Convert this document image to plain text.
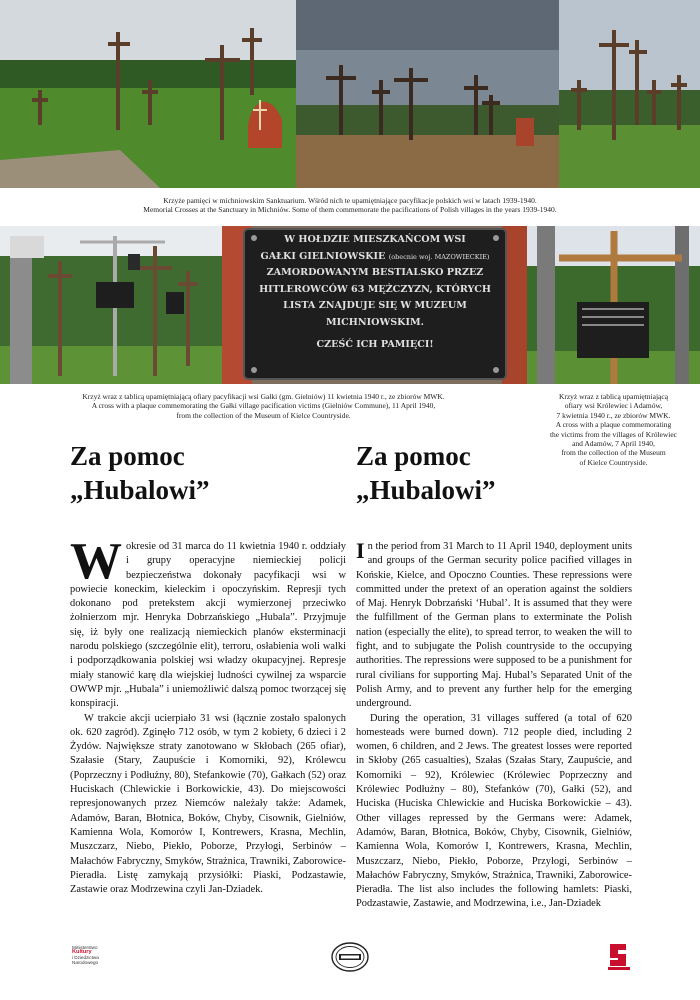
Krzyże pamięci w michniowskim Sanktuarium. Wśród nich te upamiętniające pacyfikacje polskich wsi w latach 1939-1940.
Memorial Crosses at the Sanctuary in Michniów. Some of them commemorate the pacifications of Polish villages in the years 1939-1940.
W HOŁDZIE MIESZKAŃCOM WSI
GAŁKI GIELNIOWSKIE (obecnie woj. MAZOWIECKIE)
ZAMORDOWANYM BESTIALSKO PRZEZ
HITLEROWCÓW 63 MĘŻCZYZN, KTÓRYCH
LISTA ZNAJDUJE SIĘ W MUZEUM
MICHNIOWSKIM.
CZEŚĆ ICH PAMIĘCI!
Krzyż wraz z tablicą upamiętniającą ofiary pacyfikacji wsi Gałki (gm. Gielniów) 11 kwietnia 1940 r., ze zbiorów MWK.
A cross with a plaque commemorating the Gałki village pacification victims (Gielniów Commune), 11 April 1940,
from the collection of the Museum of Kielce Countryside.
Krzyż wraz z tablicą upamiętniającą
ofiary wsi Królewiec i Adamów,
7 kwietnia 1940 r., ze zbiorów MWK.
A cross with a plaque commemorating
the victims from the villages of Królewiec
and Adamów, 7 April 1940,
from the collection of the Museum
of Kielce Countryside.
Za pomoc
„Hubalowi”
Za pomoc
„Hubalowi”

Wokresie od 31 marca do 11 kwietnia 1940 r. oddziały i grupy operacyjne niemieckiej policji bezpieczeństwa dokonały pacyfikacji wsi w powiecie koneckim, kieleckim i opoczyńskim. Represji tych dokonano pod pretekstem akcji wymierzonej przeciwko żołnierzom mjr. Henryka Dobrzańskiego „Hubala”. Przyjmuje się, iż były one realizacją niemieckich planów eksterminacji narodu polskiego (szczególnie elit), terroru, osłabienia woli walki i podporządkowania polskiej wsi władzy okupacyjnej. Represje miały stanowić karę dla wiejskiej ludności cywilnej za wsparcie OWWP mjr. „Hubala” i uniemożliwić dalszą pomoc tworzącej się konspiracji.

W trakcie akcji ucierpiało 31 wsi (łącznie zostało spalonych ok. 620 zagród). Zginęło 712 osób, w tym 2 kobiety, 6 dzieci i 2 Żydów. Największe straty zanotowano w Skłobach (265 ofiar), Szałasie (Stary, Zaupuście i Komorniki, 92), Królewcu (Poprzeczny i Podłużny, 80), Stefankowie (70), Gałkach (52) oraz Huciskach (Chlewickie i Borkowickie, 43). Do miejscowości represjonowanych przez Niemców należały także: Adamek, Adamów, Baran, Błotnica, Boków, Chyby, Cisownik, Gielniów, Kamienna Wola, Komorów I, Kontrewers, Krasna, Mechlin, Muszczarz, Niebo, Piekło, Poborze, Przyłogi, Serbinów – Małachów Fabryczny, Smyków, Strażnica, Trawniki, Zaborowice-Pieradła. Listę zamykają przysiółki: Piaski, Podzastawie, Zastawie oraz Modrzewina czyli Jan-Dziadek.

In the period from 31 March to 11 April 1940, deployment units and groups of the German security police pacified villages in Końskie, Kielce, and Opoczno Counties. These repressions were committed under the pretext of an operation against the soldiers of Maj. Henryk Dobrzański ‘Hubal’. It is assumed that they were the fulfillment of the German plans to exterminate the Polish nation (especially the elite), to spread terror, to weaken the will to fight, and to subjugate the Polish countryside to the occupying authorities. The repressions were supposed to be a punishment for rural civilians for supporting Maj. Hubal’s Separated Unit of the Polish Army, and to prevent any further help for the emerging underground.

During the operation, 31 villages suffered (a total of 620 homesteads were burned down). 712 people died, including 2 women, 6 children, and 2 Jews. The greatest losses were reported in Skłoby (265 casualties), Szałas (Szałas Stary, Zaupuście, and Komorniki – 92), Królewiec (Królewiec Poprzeczny and Królewiec Podłużny – 80), Stefanków (70), Gałki (52), and Huciska (Huciska Chlewickie and Huciska Borkowickie – 43). Other villages repressed by the Germans were: Adamek, Adamów, Baran, Błotnica, Boków, Chyby, Cisownik, Gielniów, Kamienna Wola, Komorów I, Kontrewers, Krasna, Mechlin, Muszczarz, Niebo, Piekło, Poborze, Przyłogi, Serbinów – Małachów Fabryczny, Smyków, Strażnica, Trawniki, Zaborowice-Pieradła. The list also includes the following hamlets: Piaski, Podzastawie, Zastawie, and Modrzewina, i.e., Jan-Dziadek

Ministerstwo
Kultury
i Dziedzictwa
Narodowego
